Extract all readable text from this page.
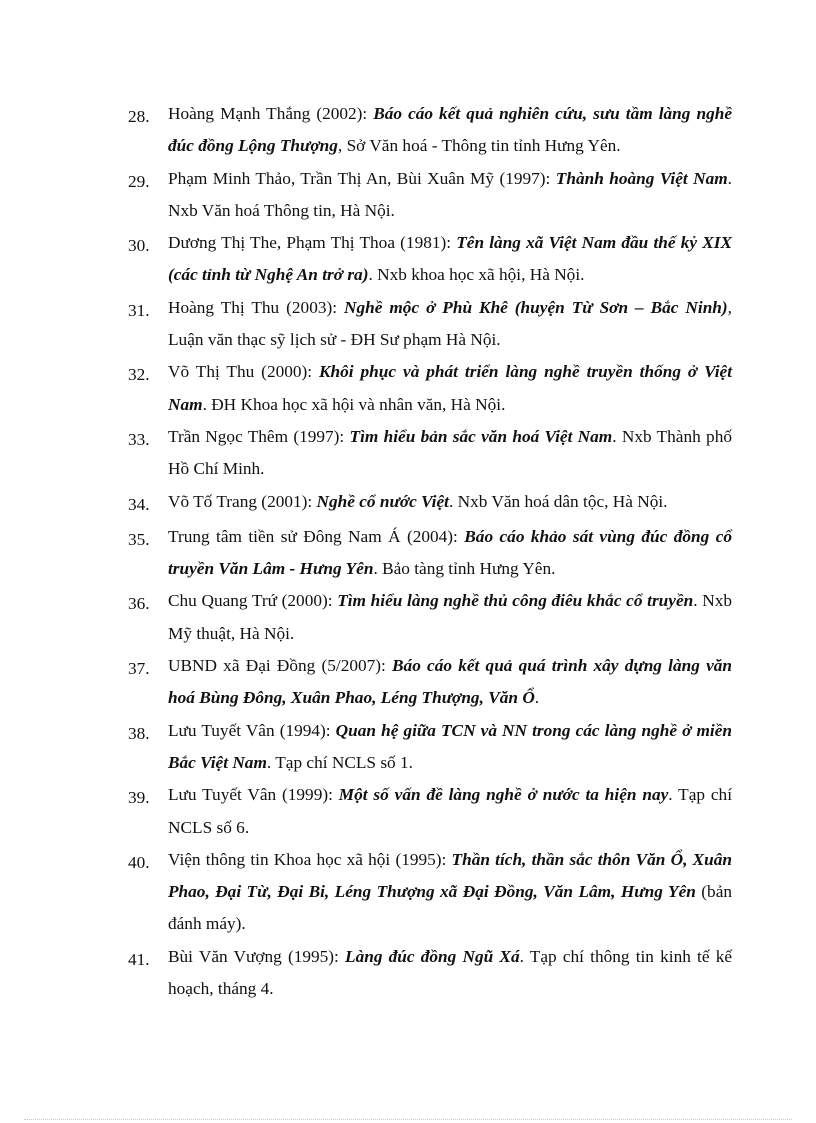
28.	Hoàng Mạnh Thắng (2002): Báo cáo kết quả nghiên cứu, sưu tầm làng nghề đúc đồng Lộng Thượng, Sở Văn hoá - Thông tin tỉnh Hưng Yên.
29.	Phạm Minh Thảo, Trần Thị An, Bùi Xuân Mỹ (1997): Thành hoàng Việt Nam. Nxb Văn hoá Thông tin, Hà Nội.
30.	Dương Thị The, Phạm Thị Thoa (1981): Tên làng xã Việt Nam đầu thế kỷ XIX (các tỉnh từ Nghệ An trở ra). Nxb khoa học xã hội, Hà Nội.
31.	Hoàng Thị Thu (2003): Nghề mộc ở Phù Khê (huyện Từ Sơn – Bắc Ninh), Luận văn thạc sỹ lịch sử - ĐH Sư phạm Hà Nội.
32.	Võ Thị Thu (2000): Khôi phục và phát triển làng nghề truyền thống ở Việt Nam. ĐH Khoa học xã hội và nhân văn, Hà Nội.
33.	Trần Ngọc Thêm (1997): Tìm hiểu bản sắc văn hoá Việt Nam. Nxb Thành phố Hồ Chí Minh.
34.	Võ Tố Trang (2001): Nghề cổ nước Việt. Nxb Văn hoá dân tộc, Hà Nội.
35.	Trung tâm tiền sử Đông Nam Á (2004): Báo cáo khảo sát vùng đúc đồng cổ truyền Văn Lâm - Hưng Yên. Bảo tàng tỉnh Hưng Yên.
36.	Chu Quang Trứ (2000): Tìm hiểu làng nghề thủ công điêu khắc cổ truyền. Nxb Mỹ thuật, Hà Nội.
37.	UBND xã Đại Đồng (5/2007): Báo cáo kết quả quá trình xây dựng làng văn hoá Bùng Đông, Xuân Phao, Léng Thượng, Văn Ổ.
38.	Lưu Tuyết Vân (1994): Quan hệ giữa TCN và NN trong các làng nghề ở miền Bắc Việt Nam. Tạp chí NCLS số 1.
39.	Lưu Tuyết Vân (1999): Một số vấn đề làng nghề ở nước ta hiện nay. Tạp chí NCLS số 6.
40.	Viện thông tin Khoa học xã hội (1995): Thần tích, thần sắc thôn Văn Ổ, Xuân Phao, Đại Từ, Đại Bi, Léng Thượng xã Đại Đồng, Văn Lâm, Hưng Yên (bản đánh máy).
41.	Bùi Văn Vượng (1995): Làng đúc đồng Ngũ Xá. Tạp chí thông tin kinh tế kế hoạch, tháng 4.
